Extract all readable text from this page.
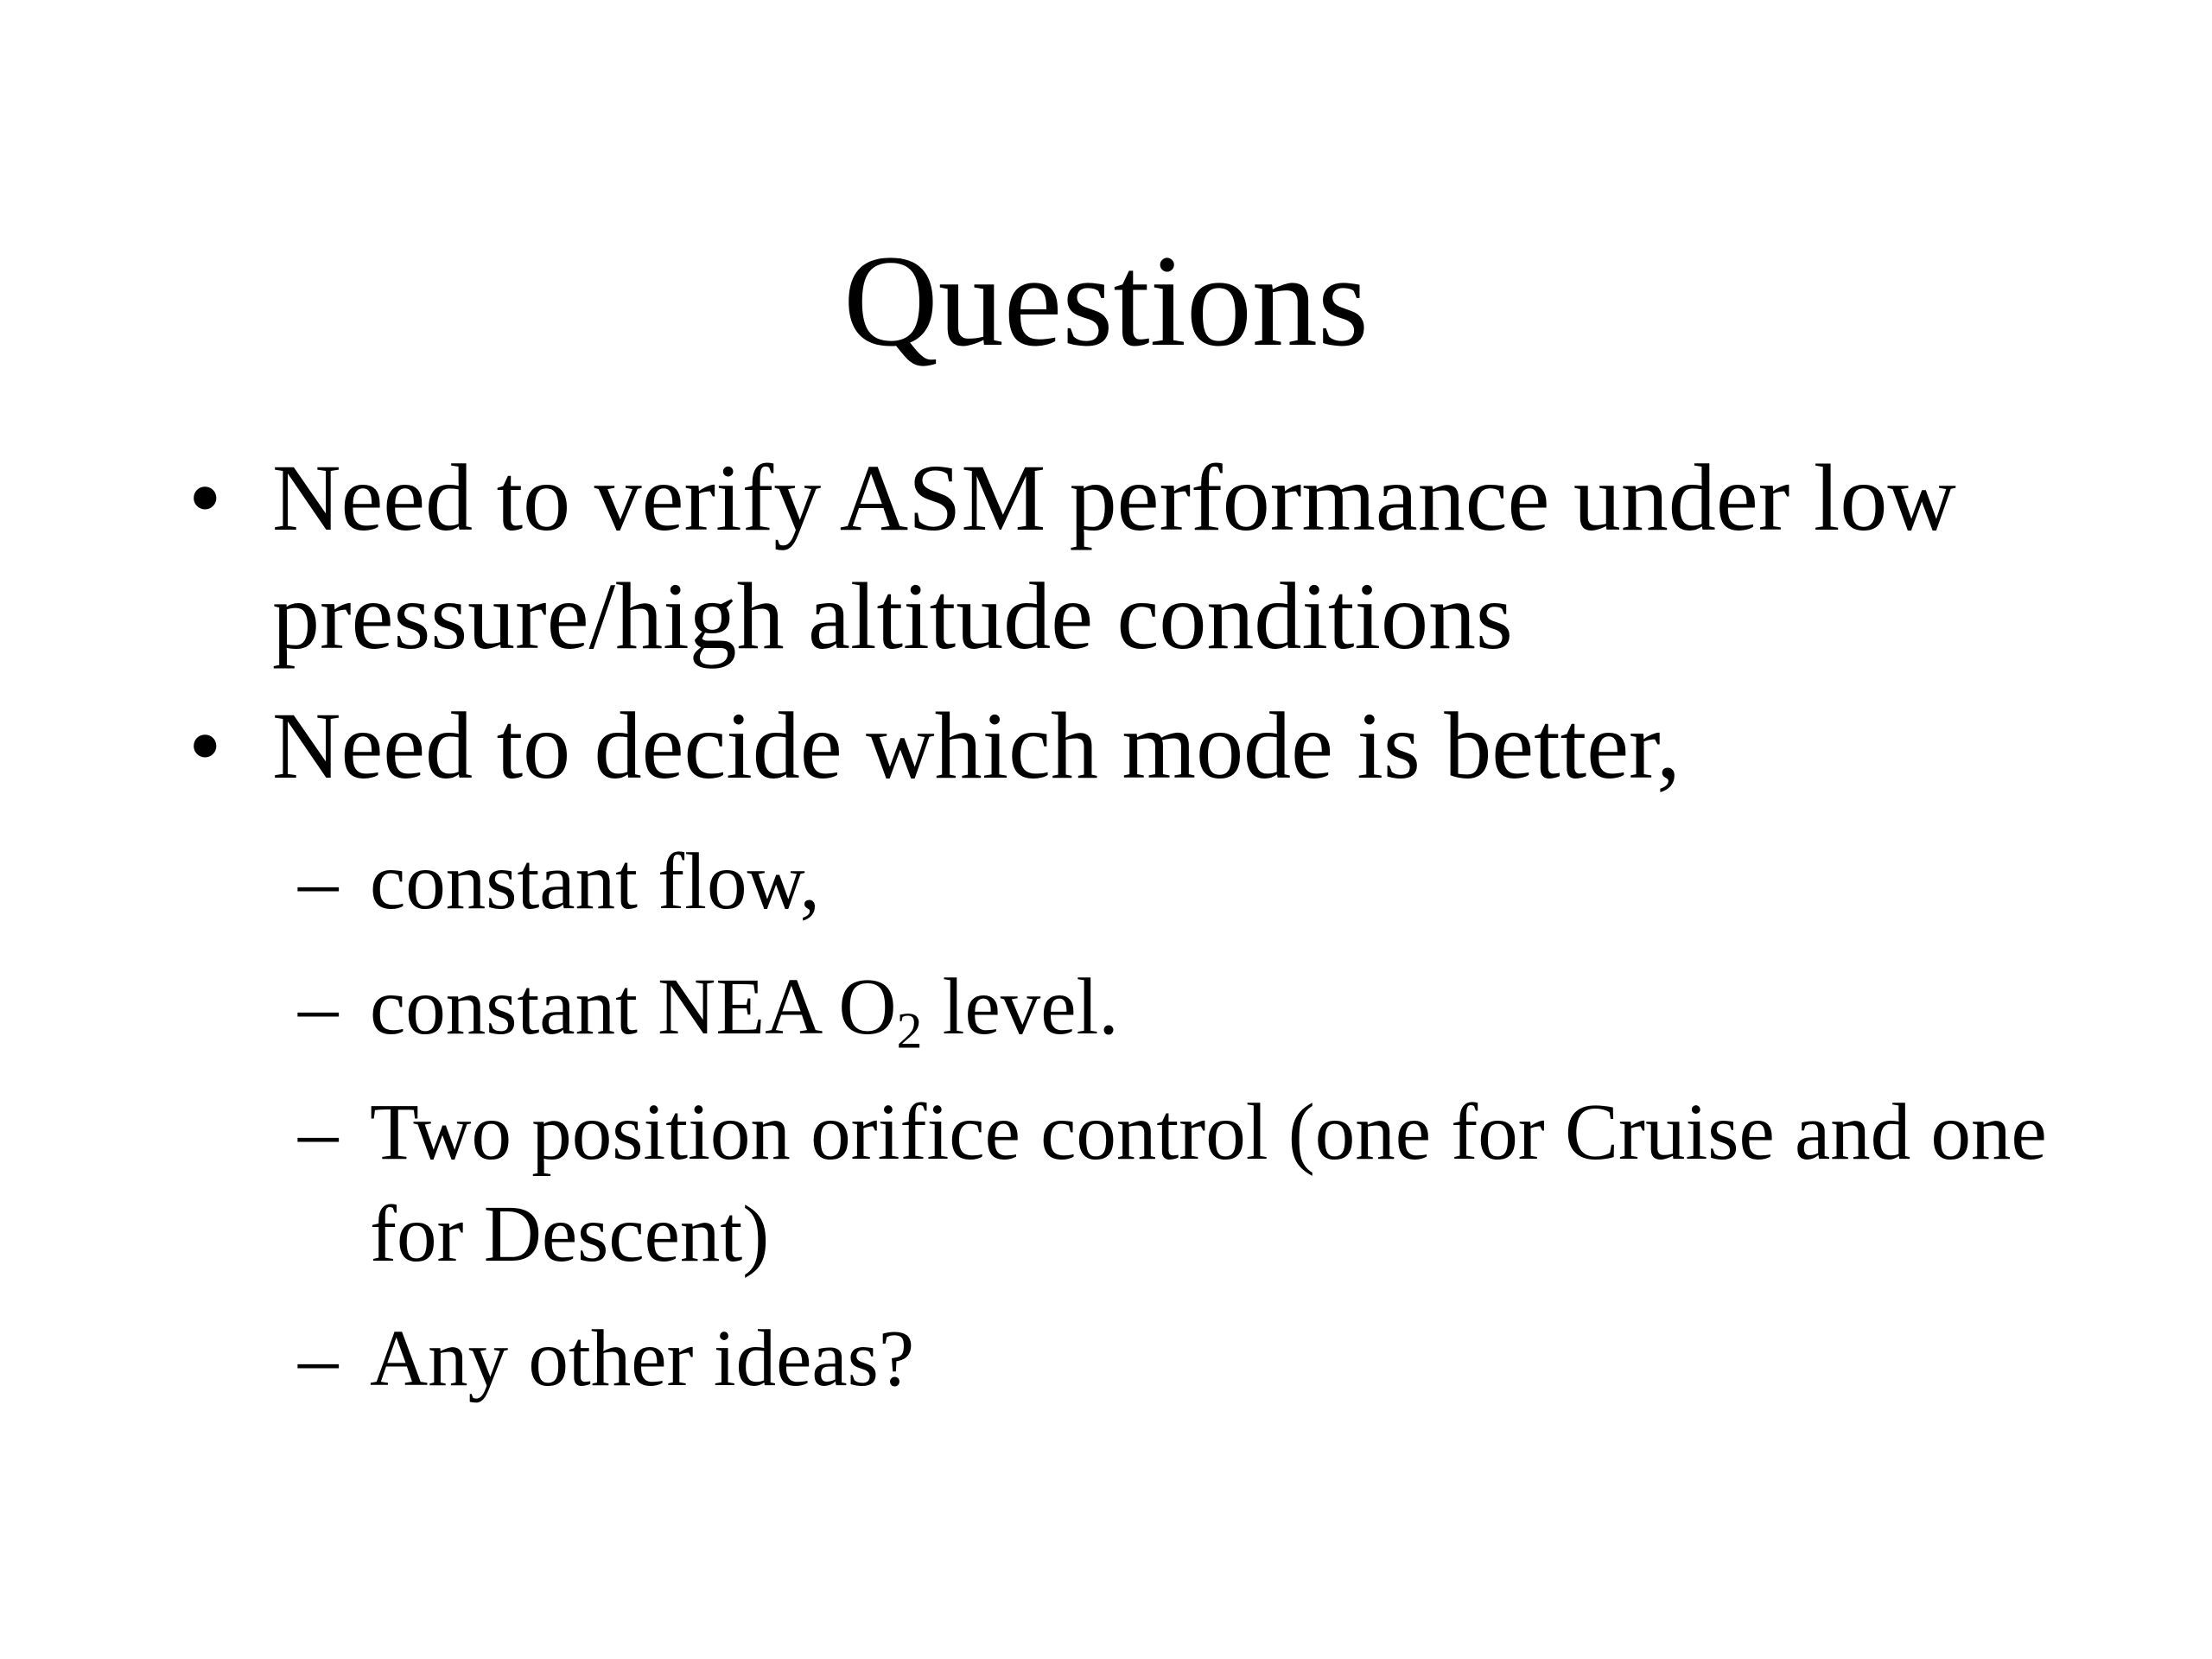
Questions
• Need to verify ASM performance under low pressure/high altitude conditions
• Need to decide which mode is better,
– constant flow,
– constant NEA $O_2$ level.
– Two position orifice control (one for Cruise and one for Descent)
– Any other ideas?
